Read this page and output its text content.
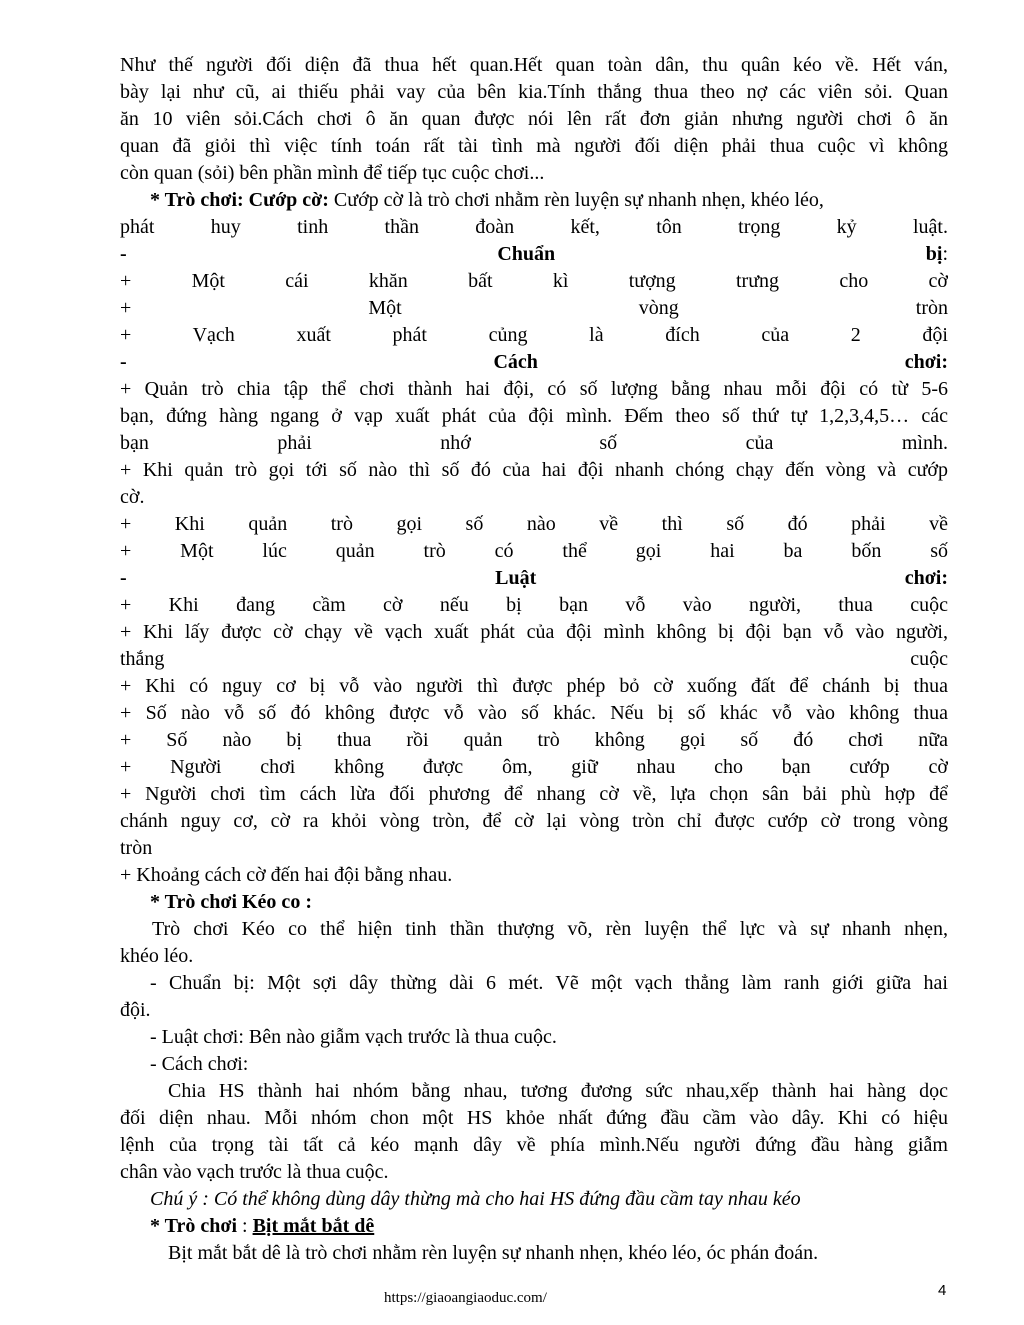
Như thế người đối diện đã thua hết quan.Hết quan toàn dân, thu quân kéo về. Hết ván,
bày lại như cũ, ai thiếu phải vay của bên kia.Tính thắng thua theo nợ các viên sỏi. Quan
ăn 10 viên sỏi.Cách chơi ô ăn quan được nói lên rất đơn giản nhưng người chơi ô ăn
quan đã giỏi thì việc tính toán rất tài tình mà người đối diện phải thua cuộc vì không
còn quan (sỏi) bên phần mình để tiếp tục cuộc chơi...
* Trò chơi: Cướp cờ: Cướp cờ là trò chơi nhằm rèn luyện sự nhanh nhẹn, khéo léo,
phát huy tinh thần đoàn kết, tôn trọng kỷ luật.
-	Chuẩn	bị:
+ Một cái khăn bất kì tượng trưng cho cờ
+ Một vòng tròn
+ Vạch xuất phát củng là đích của 2 đội
-	Cách	chơi:
+ Quản trò chia tập thể chơi thành hai đội, có số lượng bằng nhau mỗi đội có từ 5-6
bạn, đứng hàng ngang ở vạp xuất phát của đội mình. Đếm theo số thứ tự 1,2,3,4,5… các
bạn phải nhớ số của mình.
+ Khi quản trò gọi tới số nào thì số đó của hai đội nhanh chóng chạy đến vòng và cướp
cờ.
+ Khi quản trò gọi số nào về thì số đó phải về
+ Một lúc quản trò có thể gọi hai ba bốn số
-	Luật	chơi:
+ Khi đang cầm cờ nếu bị bạn vỗ vào người, thua cuộc
+ Khi lấy được cờ chạy về vạch xuất phát của đội mình không bị đội bạn vỗ vào người,
thắng cuộc
+ Khi có nguy cơ bị vỗ vào người thì được phép bỏ cờ xuống đất để chánh bị thua
+ Số nào vỗ số đó không được vỗ vào số khác. Nếu bị số khác vỗ vào không thua
+ Số nào bị thua rồi quản trò không gọi số đó chơi nữa
+ Người chơi không được ôm, giữ nhau cho bạn cướp cờ
+ Người chơi tìm cách lừa đối phương để nhang cờ về, lựa chọn sân bải phù hợp để
chánh nguy cơ, cờ ra khỏi vòng tròn, để cờ lại vòng tròn chỉ được cướp cờ trong vòng
tròn
+ Khoảng cách cờ đến hai đội bằng nhau.
* Trò chơi Kéo co :
Trò chơi Kéo co thể hiện tinh thần thượng võ, rèn luyện thể lực và sự nhanh nhẹn,
khéo léo.
- Chuẩn bị: Một sợi dây thừng dài 6 mét. Vẽ một vạch thẳng làm ranh giới giữa hai
đội.
- Luật chơi: Bên nào giẫm vạch trước là thua cuộc.
- Cách chơi:
Chia HS thành hai nhóm bằng nhau, tương đương sức nhau,xếp thành hai hàng dọc
đối diện nhau. Mỗi nhóm chon một HS khỏe nhất đứng đầu cầm vào dây. Khi có hiệu
lệnh của trọng tài tất cả kéo mạnh dây về phía mình.Nếu người đứng đầu hàng giẫm
chân vào vạch trước là thua cuộc.
Chú ý : Có thể không dùng dây thừng mà cho hai HS đứng đầu cầm tay nhau kéo
* Trò chơi : Bịt mắt bắt dê
Bịt mắt bắt dê là trò chơi nhằm rèn luyện sự nhanh nhẹn, khéo léo, óc phán đoán.
https://giaoangiaoduc.com/	4
